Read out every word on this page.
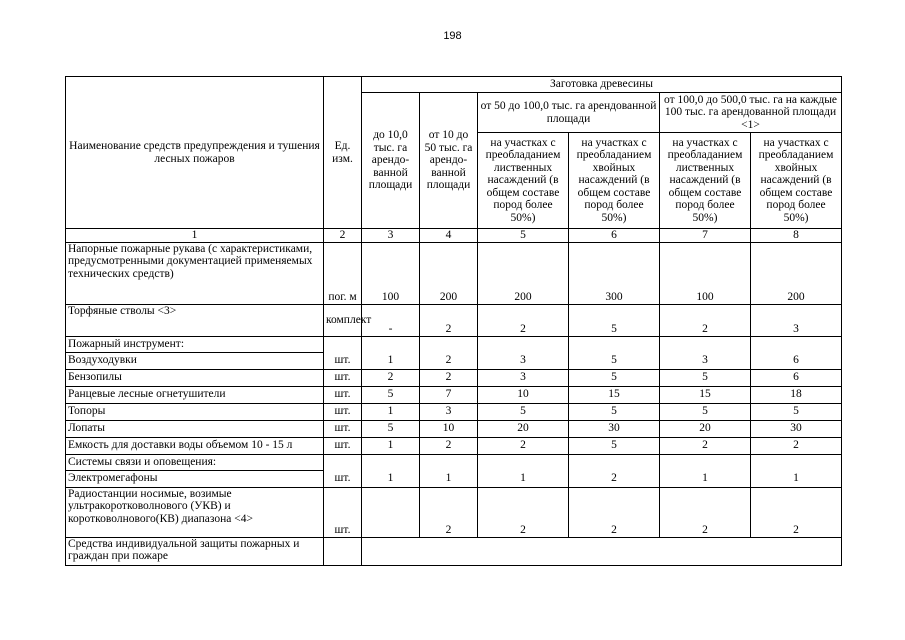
198
Наименование средств предупреждения и тушения лесных пожаров	Ед. изм.	Заготовка древесины					
		до 10,0 тыс. га арендо-ванной площади	от 10 до 50 тыс. га арендо-ванной площади	от 50 до 100,0 тыс. га арендованной площади		от 100,0 до 500,0 тыс. га на каждые 100 тыс. га арендованной площади <1>	
				на участках с преобладанием лиственных насаждений (в общем составе пород более 50%)	на участках с преобладанием хвойных насаждений (в общем составе пород более 50%)	на участках с преобладанием лиственных насаждений (в общем составе пород более 50%)	на участках с преобладанием хвойных насаждений (в общем составе пород более 50%)

1	2	3	4	5	6	7	8
Напорные пожарные рукава (с характеристиками, предусмотренными документацией применяемых технических средств)	пог. м	100	200	200	300	100	200
Торфяные стволы <3>	комплект	-	2	2	5	2	3
Пожарный инструмент:							
Воздуходувки	шт.	1	2	3	5	3	6
Бензопилы	шт.	2	2	3	5	5	6
Ранцевые лесные огнетушители	шт.	5	7	10	15	15	18
Топоры	шт.	1	3	5	5	5	5
Лопаты	шт.	5	10	20	30	20	30
Емкость для доставки воды объемом 10 - 15 л	шт.	1	2	2	5	2	2
Системы связи и оповещения:							
Электромегафоны	шт.	1	1	1	2	1	1
Радиостанции носимые, возимые ультракоротковолнового (УКВ) и коротковолнового(КВ) диапазона <4>	шт.		2	2	2	2	2
Средства индивидуальной защиты пожарных и граждан при пожаре							
